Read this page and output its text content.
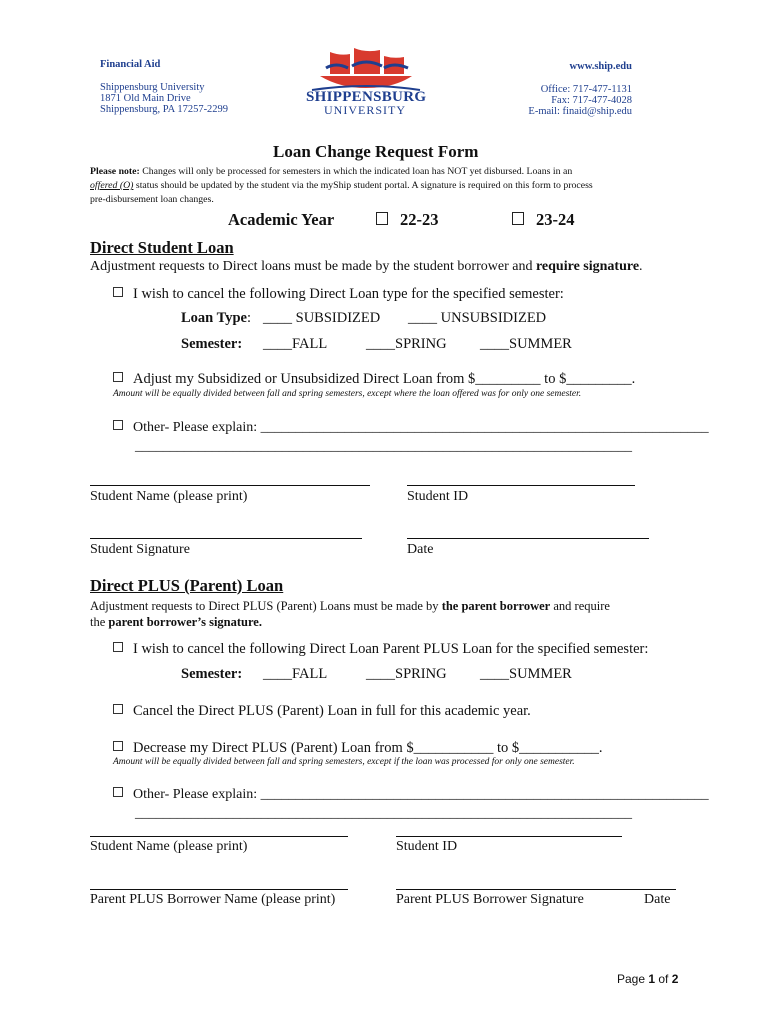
Financial Aid
Shippensburg University
1871 Old Main Drive
Shippensburg, PA 17257-2299
SHIPPENSBURG
UNIVERSITY
www.ship.edu
Office: 717-477-1131
Fax: 717-477-4028
E-mail: finaid@ship.edu
Loan Change Request Form
Please note: Changes will only be processed for semesters in which the indicated loan has NOT yet disbursed. Loans in an
offered (O) status should be updated by the student via the myShip student portal. A signature is required on this form to process
pre-disbursement loan changes.
Academic Year	22-23	23-24
Direct Student Loan
Adjustment requests to Direct loans must be made by the student borrower and require signature.
I wish to cancel the following Direct Loan type for the specified semester:
Loan Type: ____ SUBSIDIZED ____ UNSUBSIDIZED
Semester: ____FALL	____SPRING ____SUMMER
Adjust my Subsidized or Unsubsidized Direct Loan from $_________ to $_________.
Amount will be equally divided between fall and spring semesters, except where the loan offered was for only one semester.
Other- Please explain: ________________________________________________________________
_______________________________________________________________________
Student Name (please print)	Student ID
Student Signature	Date
Direct PLUS (Parent) Loan
Adjustment requests to Direct PLUS (Parent) Loans must be made by the parent borrower and require
the parent borrower’s signature.
I wish to cancel the following Direct Loan Parent PLUS Loan for the specified semester:
Semester: ____FALL	____SPRING ____SUMMER
Cancel the Direct PLUS (Parent) Loan in full for this academic year.
Decrease my Direct PLUS (Parent) Loan from $___________ to $___________.
Amount will be equally divided between fall and spring semesters, except if the loan was processed for only one semester.
Other- Please explain: ________________________________________________________________
_______________________________________________________________________
Student Name (please print)	Student ID
Parent PLUS Borrower Name (please print)	Parent PLUS Borrower Signature	Date
Page 1 of 2
